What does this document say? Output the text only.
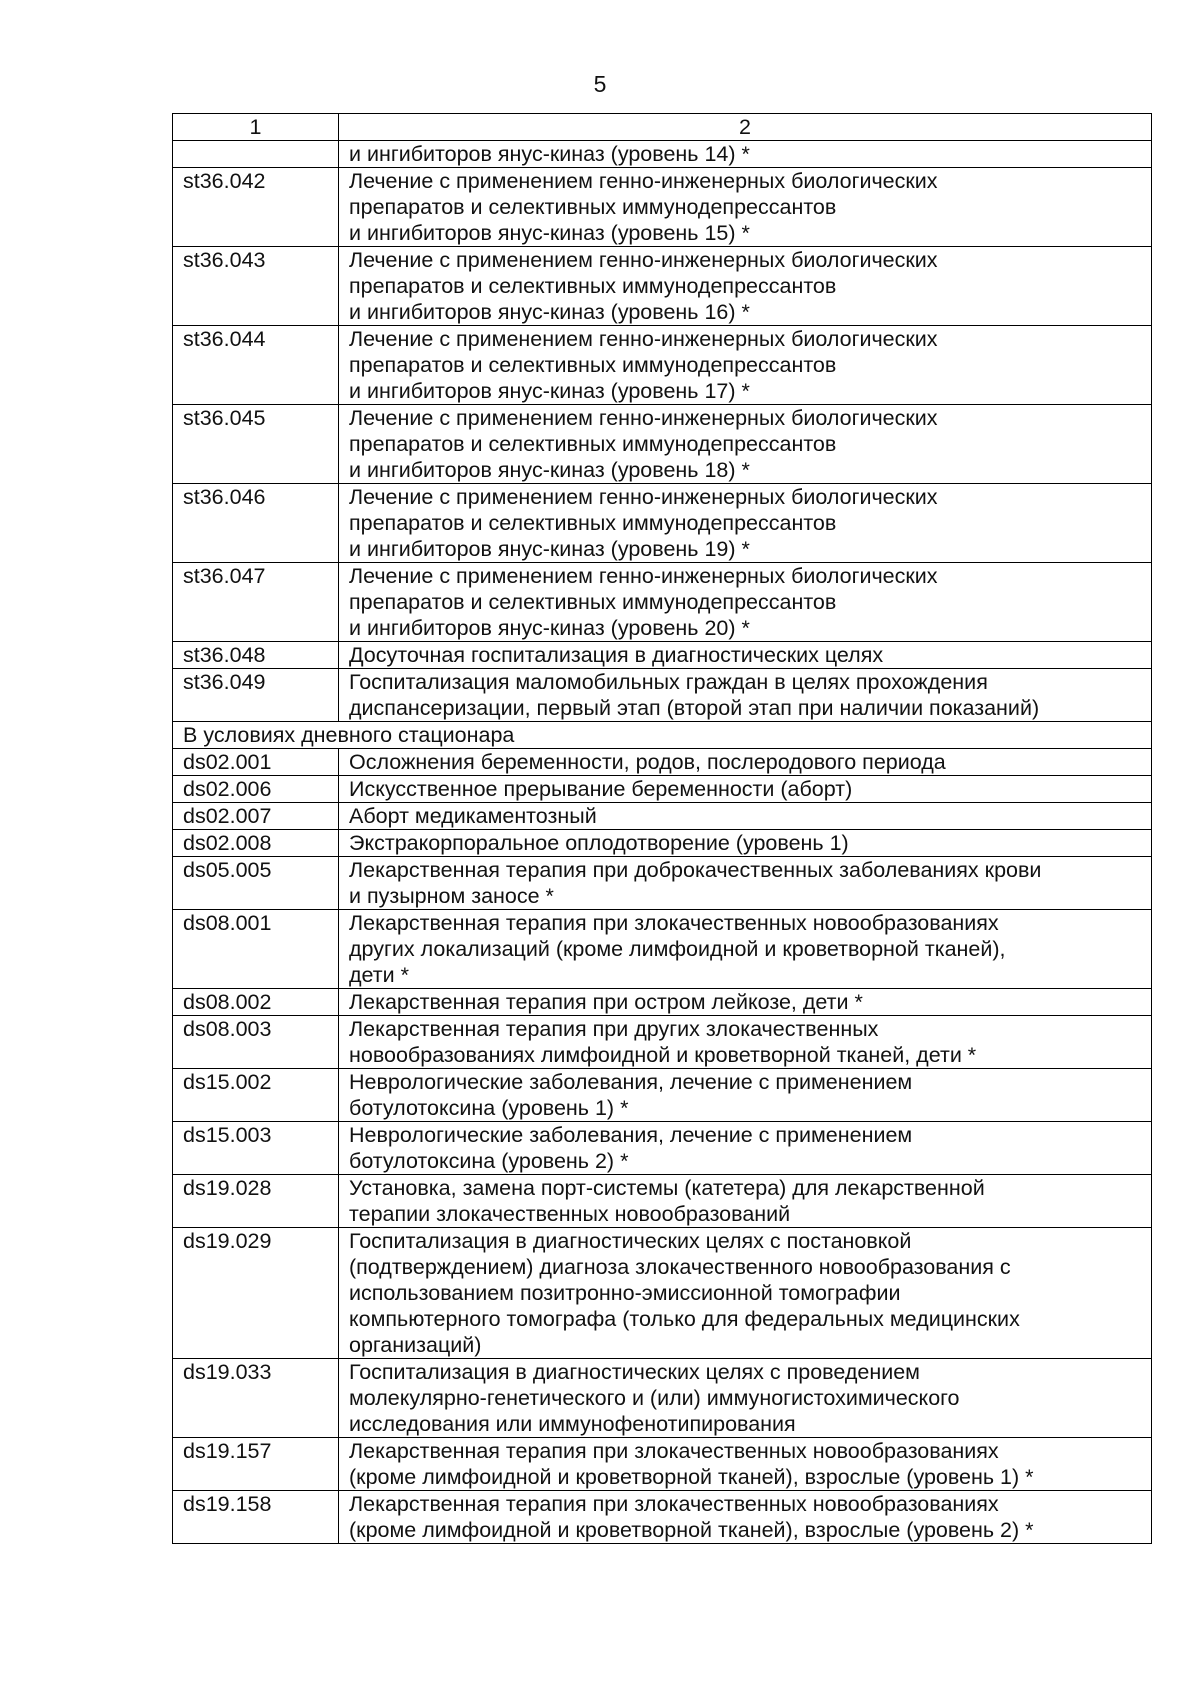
5
1	2
	и ингибиторов янус-киназ (уровень 14) *
st36.042	Лечение с применением генно-инженерных биологических
препаратов и селективных иммунодепрессантов
и ингибиторов янус-киназ (уровень 15) *
st36.043	Лечение с применением генно-инженерных биологических
препаратов и селективных иммунодепрессантов
и ингибиторов янус-киназ (уровень 16) *
st36.044	Лечение с применением генно-инженерных биологических
препаратов и селективных иммунодепрессантов
и ингибиторов янус-киназ (уровень 17) *
st36.045	Лечение с применением генно-инженерных биологических
препаратов и селективных иммунодепрессантов
и ингибиторов янус-киназ (уровень 18) *
st36.046	Лечение с применением генно-инженерных биологических
препаратов и селективных иммунодепрессантов
и ингибиторов янус-киназ (уровень 19) *
st36.047	Лечение с применением генно-инженерных биологических
препаратов и селективных иммунодепрессантов
и ингибиторов янус-киназ (уровень 20) *
st36.048	Досуточная госпитализация в диагностических целях
st36.049	Госпитализация маломобильных граждан в целях прохождения
диспансеризации, первый этап (второй этап при наличии показаний)
В условиях дневного стационара	
ds02.001	Осложнения беременности, родов, послеродового периода
ds02.006	Искусственное прерывание беременности (аборт)
ds02.007	Аборт медикаментозный
ds02.008	Экстракорпоральное оплодотворение (уровень 1)
ds05.005	Лекарственная терапия при доброкачественных заболеваниях крови
и пузырном заносе *
ds08.001	Лекарственная терапия при злокачественных новообразованиях
других локализаций (кроме лимфоидной и кроветворной тканей),
дети *
ds08.002	Лекарственная терапия при остром лейкозе, дети *
ds08.003	Лекарственная терапия при других злокачественных
новообразованиях лимфоидной и кроветворной тканей, дети *
ds15.002	Неврологические заболевания, лечение с применением
ботулотоксина (уровень 1) *
ds15.003	Неврологические заболевания, лечение с применением
ботулотоксина (уровень 2) *
ds19.028	Установка, замена порт-системы (катетера) для лекарственной
терапии злокачественных новообразований
ds19.029	Госпитализация в диагностических целях с постановкой
(подтверждением) диагноза злокачественного новообразования с
использованием позитронно-эмиссионной томографии
компьютерного томографа (только для федеральных медицинских
организаций)
ds19.033	Госпитализация в диагностических целях с проведением
молекулярно-генетического и (или) иммуногистохимического
исследования или иммунофенотипирования
ds19.157	Лекарственная терапия при злокачественных новообразованиях
(кроме лимфоидной и кроветворной тканей), взрослые (уровень 1) *
ds19.158	Лекарственная терапия при злокачественных новообразованиях
(кроме лимфоидной и кроветворной тканей), взрослые (уровень 2) *
